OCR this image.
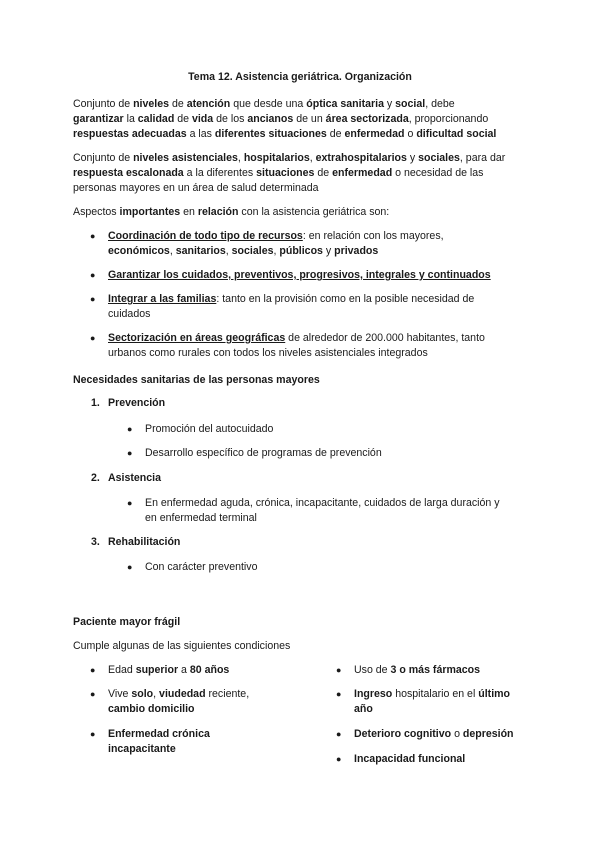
Tema 12. Asistencia geriátrica. Organización
Conjunto de niveles de atención que desde una óptica sanitaria y social, debe
garantizar la calidad de vida de los ancianos de un área sectorizada, proporcionando
respuestas adecuadas a las diferentes situaciones de enfermedad o dificultad social
Conjunto de niveles asistenciales, hospitalarios, extrahospitalarios y sociales, para dar
respuesta escalonada a la diferentes situaciones de enfermedad o necesidad de las
personas mayores en un área de salud determinada
Aspectos importantes en relación con la asistencia geriátrica son:
● Coordinación de todo tipo de recursos: en relación con los mayores,
económicos, sanitarios, sociales, públicos y privados
● Garantizar los cuidados, preventivos, progresivos, integrales y continuados
● Integrar a las familias: tanto en la provisión como en la posible necesidad de
cuidados
● Sectorización en áreas geográficas de alrededor de 200.000 habitantes, tanto
urbanos como rurales con todos los niveles asistenciales integrados
Necesidades sanitarias de las personas mayores
1. Prevención
● Promoción del autocuidado
● Desarrollo específico de programas de prevención
2. Asistencia
● En enfermedad aguda, crónica, incapacitante, cuidados de larga duración y
en enfermedad terminal
3. Rehabilitación
● Con carácter preventivo
Paciente mayor frágil
Cumple algunas de las siguientes condiciones
● Edad superior a 80 años
● Vive solo, viudedad reciente,
cambio domicilio
● Enfermedad crónica
incapacitante
● Uso de 3 o más fármacos
● Ingreso hospitalario en el último
año
● Deterioro cognitivo o depresión
● Incapacidad funcional
